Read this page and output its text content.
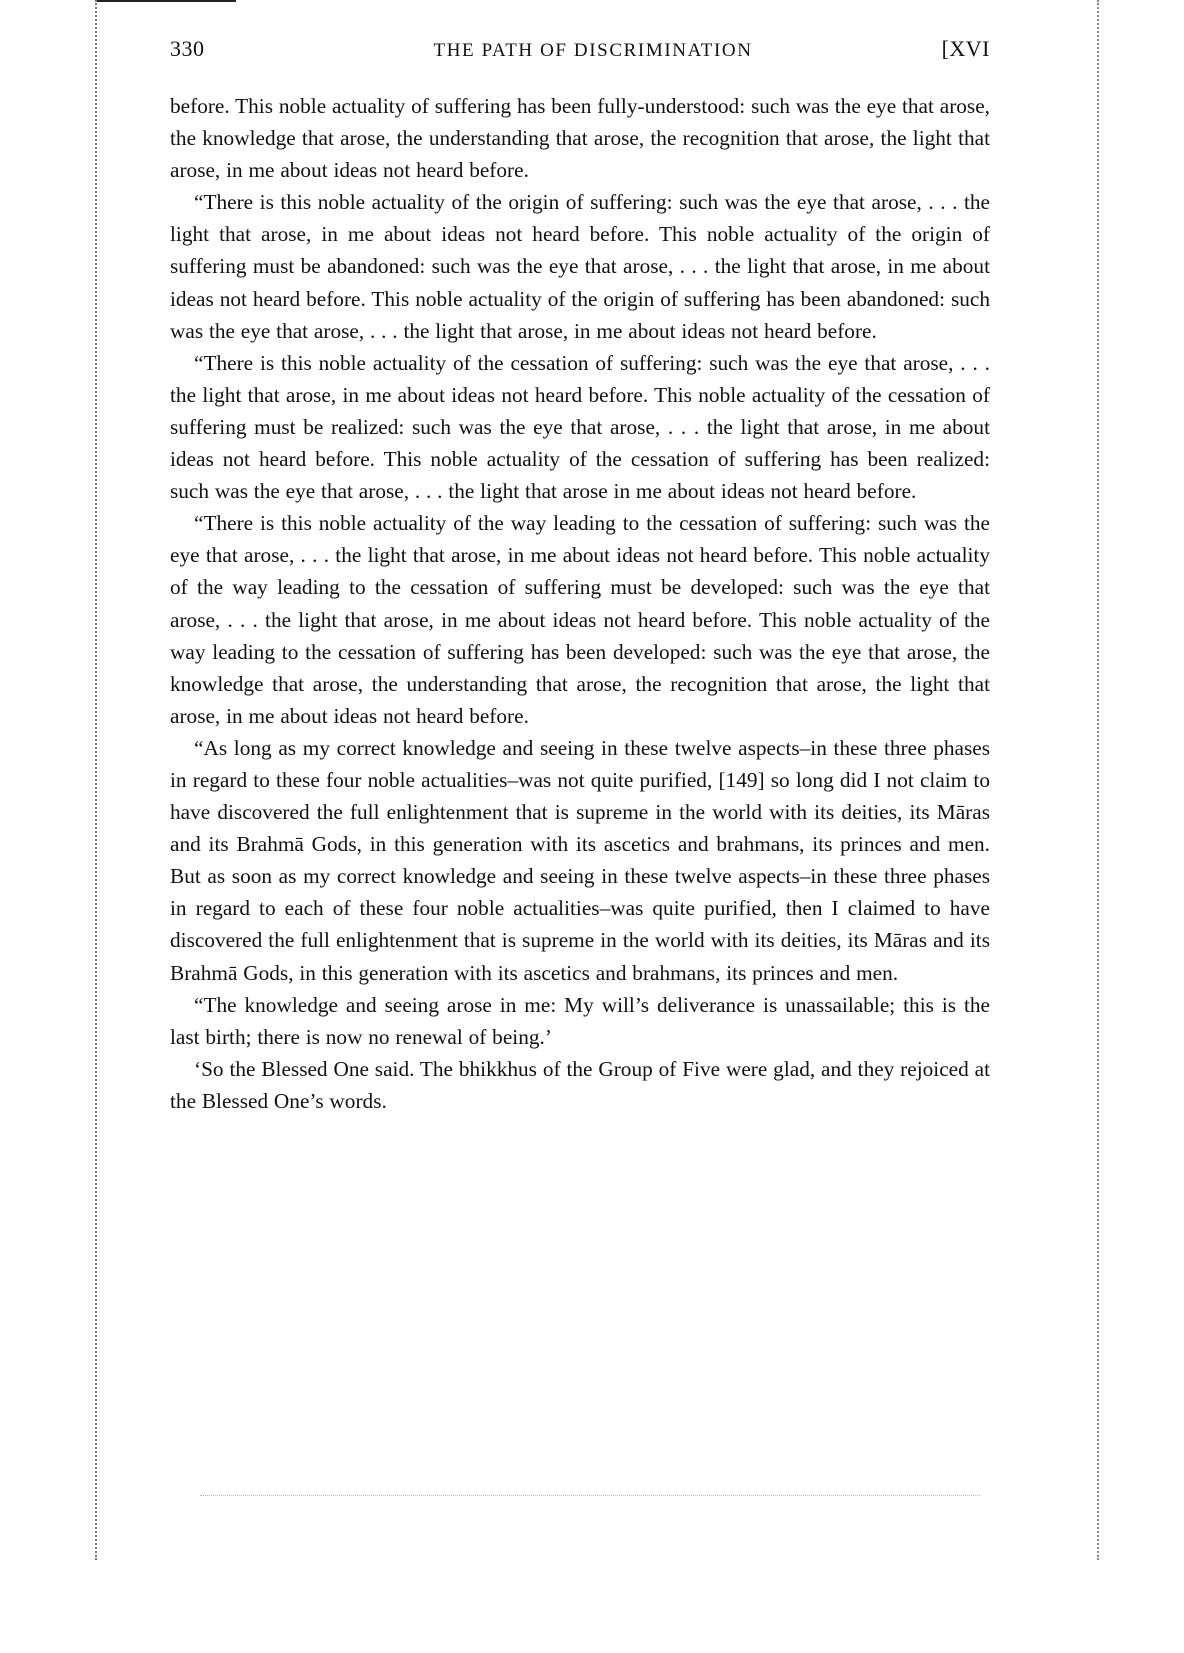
330	THE PATH OF DISCRIMINATION	[XVI

before. This noble actuality of suffering has been fully-understood: such was the eye that arose, the knowledge that arose, the understanding that arose, the recognition that arose, the light that arose, in me about ideas not heard before.

“There is this noble actuality of the origin of suffering: such was the eye that arose, . . . the light that arose, in me about ideas not heard before. This noble actuality of the origin of suffering must be abandoned: such was the eye that arose, . . . the light that arose, in me about ideas not heard before. This noble actuality of the origin of suffering has been abandoned: such was the eye that arose, . . . the light that arose, in me about ideas not heard before.

“There is this noble actuality of the cessation of suffering: such was the eye that arose, . . . the light that arose, in me about ideas not heard before. This noble actuality of the cessation of suffering must be realized: such was the eye that arose, . . . the light that arose, in me about ideas not heard before. This noble actuality of the cessation of suffering has been realized: such was the eye that arose, . . . the light that arose in me about ideas not heard before.

“There is this noble actuality of the way leading to the cessation of suffering: such was the eye that arose, . . . the light that arose, in me about ideas not heard before. This noble actuality of the way leading to the cessation of suffering must be developed: such was the eye that arose, . . . the light that arose, in me about ideas not heard before. This noble actuality of the way leading to the cessation of suffering has been developed: such was the eye that arose, the knowledge that arose, the understanding that arose, the recognition that arose, the light that arose, in me about ideas not heard before.

“As long as my correct knowledge and seeing in these twelve aspects–in these three phases in regard to these four noble actualities–was not quite purified, [149] so long did I not claim to have discovered the full enlightenment that is supreme in the world with its deities, its Māras and its Brahmā Gods, in this generation with its ascetics and brahmans, its princes and men. But as soon as my correct knowledge and seeing in these twelve aspects–in these three phases in regard to each of these four noble actualities–was quite purified, then I claimed to have discovered the full enlightenment that is supreme in the world with its deities, its Māras and its Brahmā Gods, in this generation with its ascetics and brahmans, its princes and men.

“The knowledge and seeing arose in me: My will’s deliverance is unassailable; this is the last birth; there is now no renewal of being.’

‘So the Blessed One said. The bhikkhus of the Group of Five were glad, and they rejoiced at the Blessed One’s words.
